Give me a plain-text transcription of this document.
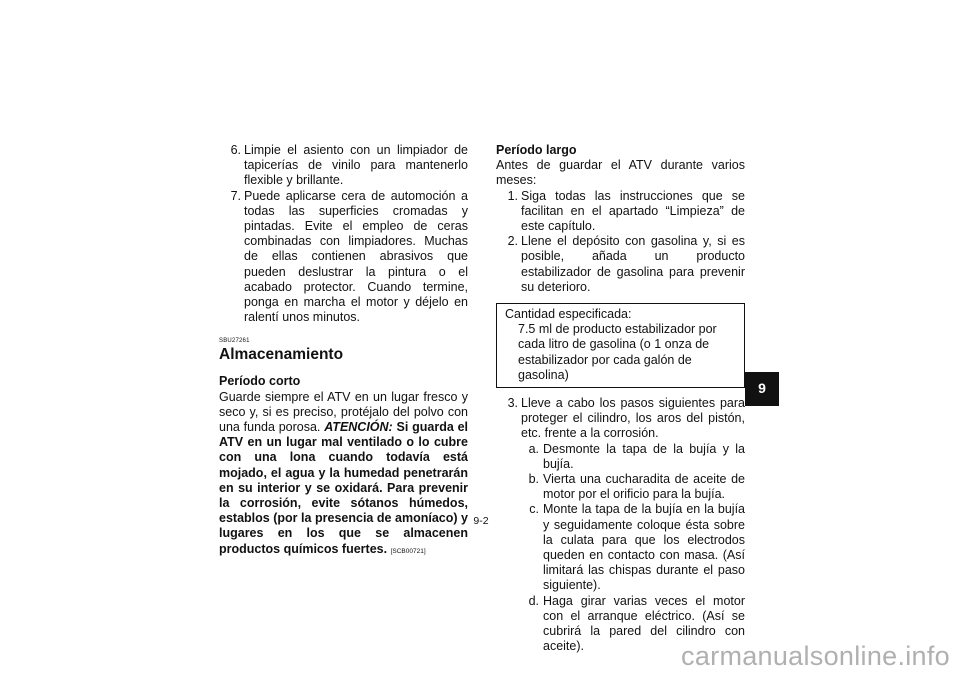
6 . Limpie el asiento con un limpiador de tapicerías de vinilo para mantenerlo flexible y brillante.
7 . Puede aplicarse cera de automoción a todas las superficies cromadas y pintadas. Evite el empleo de ceras combinadas con limpiadores. Muchas de ellas contienen abrasivos que pueden deslustrar la pintura o el acabado protector. Cuando termine, ponga en marcha el motor y déjelo en ralentí unos minutos.
SBU27261
Almacenamiento
Período corto
Guarde siempre el ATV en un lugar fresco y seco y, si es preciso, protéjalo del polvo con una funda porosa. ATENCIÓN: Si guarda el ATV en un lugar mal ventilado o lo cubre con una lona cuando todavía está mojado, el agua y la humedad penetrarán en su interior y se oxidará. Para prevenir la corrosión, evite sótanos húmedos, establos (por la presencia de amoníaco) y lugares en los que se almacenen productos químicos fuertes. [SCB00721]
Período largo
Antes de guardar el ATV durante varios meses:
1 . Siga todas las instrucciones que se facilitan en el apartado “Limpieza” de este capítulo.
2 . Llene el depósito con gasolina y, si es posible, añada un producto estabilizador de gasolina para prevenir su deterioro.
Cantidad especificada:
7.5 ml de producto estabilizador por cada litro de gasolina (o 1 onza de estabilizador por cada galón de gasolina)
3 . Lleve a cabo los pasos siguientes para proteger el cilindro, los aros del pistón, etc. frente a la corrosión.
a . Desmonte la tapa de la bujía y la bujía.
b . Vierta una cucharadita de aceite de motor por el orificio para la bujía.
c . Monte la tapa de la bujía en la bujía y seguidamente coloque ésta sobre la culata para que los electrodos queden en contacto con masa. (Así limitará las chispas durante el paso siguiente).
d . Haga girar varias veces el motor con el arranque eléctrico. (Así se cubrirá la pared del cilindro con aceite).
9-2
9
carmanualsonline.info
